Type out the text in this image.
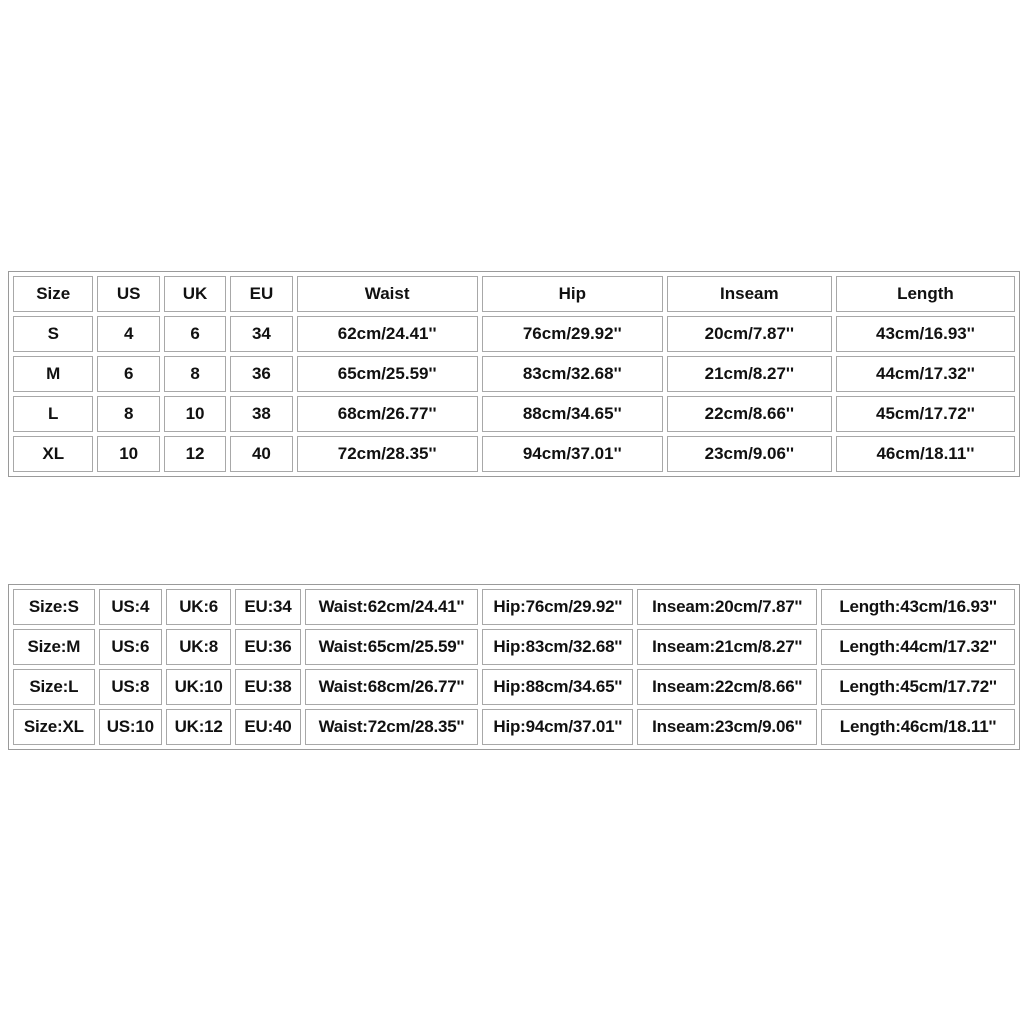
Size	US	UK	EU	Waist	Hip	Inseam	Length
S	4	6	34	62cm/24.41''	76cm/29.92''	20cm/7.87''	43cm/16.93''
M	6	8	36	65cm/25.59''	83cm/32.68''	21cm/8.27''	44cm/17.32''
L	8	10	38	68cm/26.77''	88cm/34.65''	22cm/8.66''	45cm/17.72''
XL	10	12	40	72cm/28.35''	94cm/37.01''	23cm/9.06''	46cm/18.11''
Size:S	US:4	UK:6	EU:34	Waist:62cm/24.41''	Hip:76cm/29.92''	Inseam:20cm/7.87''	Length:43cm/16.93''
Size:M	US:6	UK:8	EU:36	Waist:65cm/25.59''	Hip:83cm/32.68''	Inseam:21cm/8.27''	Length:44cm/17.32''
Size:L	US:8	UK:10	EU:38	Waist:68cm/26.77''	Hip:88cm/34.65''	Inseam:22cm/8.66''	Length:45cm/17.72''
Size:XL	US:10	UK:12	EU:40	Waist:72cm/28.35''	Hip:94cm/37.01''	Inseam:23cm/9.06''	Length:46cm/18.11''
